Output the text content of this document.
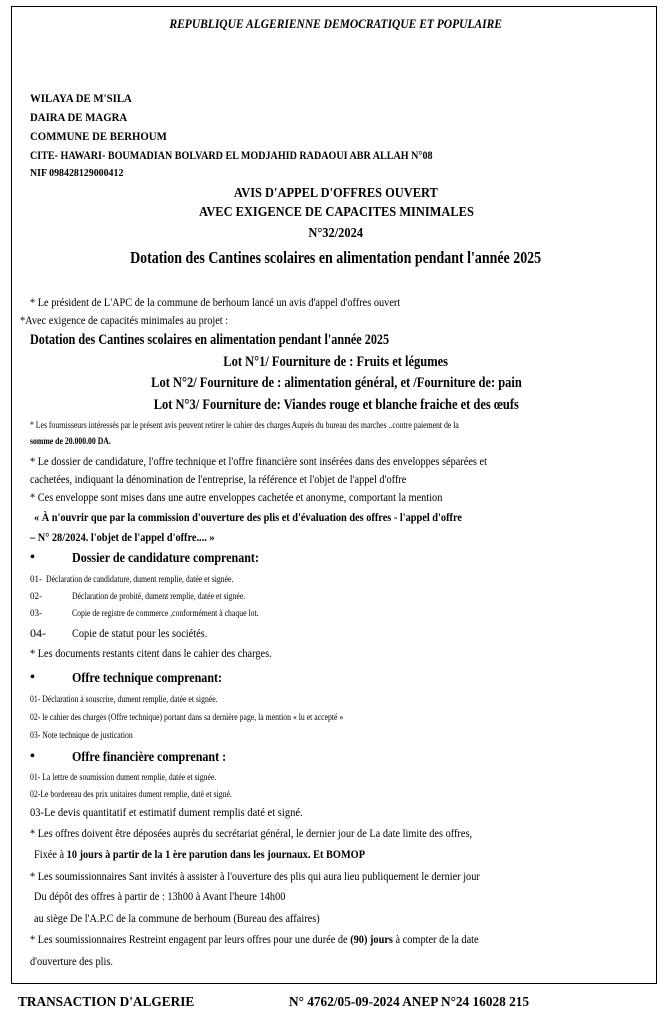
REPUBLIQUE ALGERIENNE DEMOCRATIQUE ET POPULAIRE
WILAYA DE M'SILA
DAIRA DE MAGRA
COMMUNE DE BERHOUM
CITE- HAWARI- BOUMADIAN BOLVARD EL MODJAHID RADAOUI ABR ALLAH N°08
NIF 098428129000412
AVIS D'APPEL D'OFFRES OUVERT
AVEC EXIGENCE DE CAPACITES MINIMALES
N°32/2024
Dotation des Cantines scolaires en alimentation pendant l'année 2025
* Le président de L'APC de la commune de berhoum lancé un avis d'appel d'offres ouvert
*Avec exigence de capacités minimales au projet :
Dotation des Cantines scolaires en alimentation pendant l'année 2025
Lot N°1/ Fourniture de : Fruits et légumes
Lot N°2/ Fourniture de : alimentation général, et /Fourniture de: pain
Lot N°3/ Fourniture de: Viandes rouge et blanche fraiche et des œufs
* Les fournisseurs intéressés par le présent avis peuvent retirer le cahier des charges Auprès du bureau des marches ..contre paiement de la
somme de 20.000.00 DA.
* Le dossier de candidature, l'offre technique et l'offre financière sont insérées dans des enveloppes séparées et
cachetées, indiquant la dénomination de l'entreprise, la référence et l'objet de l'appel d'offre
* Ces enveloppe sont mises dans une autre enveloppes cachetée et anonyme, comportant la mention
« À n'ouvrir que par la commission d'ouverture des plis et d'évaluation des offres - l'appel d'offre
– N° 28/2024. l'objet de l'appel d'offre.... »
•	Dossier de candidature comprenant:
01- Déclaration de candidature, dument remplie, datée et signée.
02-	Déclaration de probité, dument remplie, datée et signée.
03-	Copie de registre de commerce ,conformément à chaque lot.
04- Copie de statut pour les sociétés.
* Les documents restants citent dans le cahier des charges.
•	Offre technique comprenant:
01- Déclaration à souscrire, dument remplie, datée et signée.
02- le cahier des charges (Offre technique) portant dans sa dernière page, la mention « lu et accepté »
03- Note technique de justication
•	Offre financière comprenant :
01- La lettre de soumission dument remplie, datée et signée.
02-Le bordereau des prix unitaires dument remplie, daté et signé.
03-Le devis quantitatif et estimatif dument remplis daté et signé.
* Les offres doivent être déposées auprès du secrétariat général, le dernier jour de La date limite des offres,
Fixée à 10 jours à partir de la 1 ère parution dans les journaux. Et BOMOP
* Les soumissionnaires Sant invités à assister à l'ouverture des plis qui aura lieu publiquement le dernier jour
Du dépôt des offres à partir de : 13h00 à Avant l'heure 14h00
au siège De l'A.P.C de la commune de berhoum (Bureau des affaires)
* Les soumissionnaires Restreint engagent par leurs offres pour une durée de (90) jours à compter de la date
d'ouverture des plis.
TRANSACTION D'ALGERIE	N° 4762/05-09-2024 ANEP N°24 16028 215
